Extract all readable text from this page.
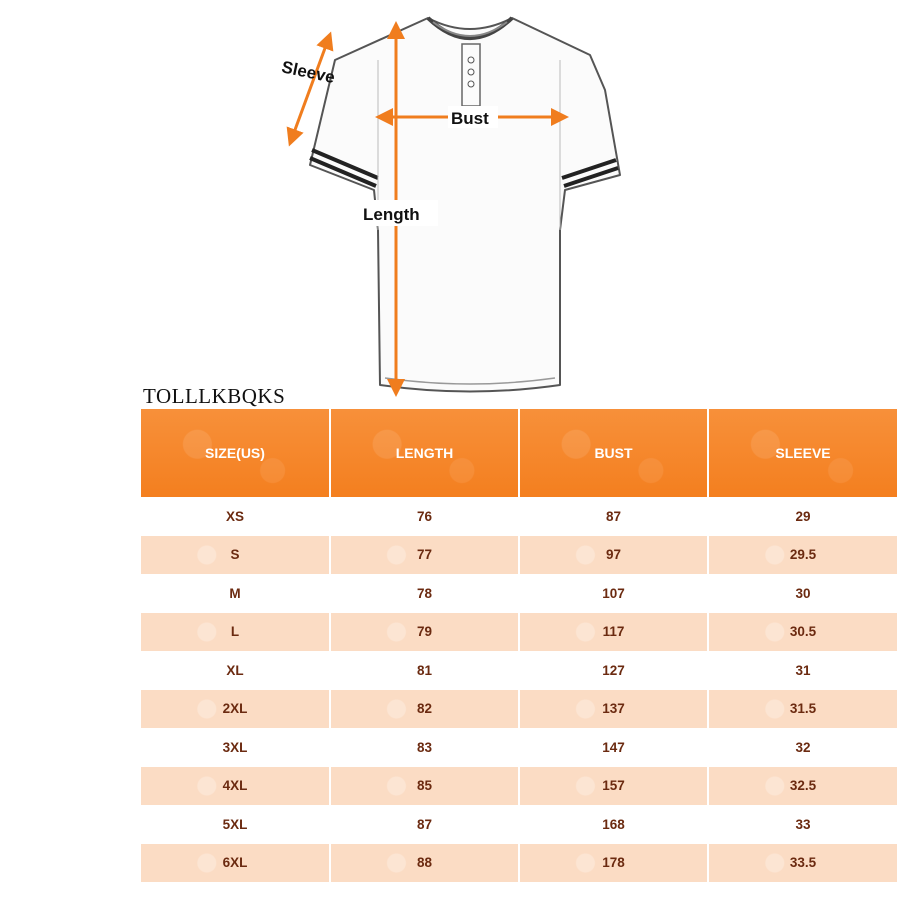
Sleeve
Bust
Length
TOLLLKBQKS
SIZE(US)	LENGTH	BUST	SLEEVE
XS	76	87	29
S	77	97	29.5
M	78	107	30
L	79	117	30.5
XL	81	127	31
2XL	82	137	31.5
3XL	83	147	32
4XL	85	157	32.5
5XL	87	168	33
6XL	88	178	33.5
